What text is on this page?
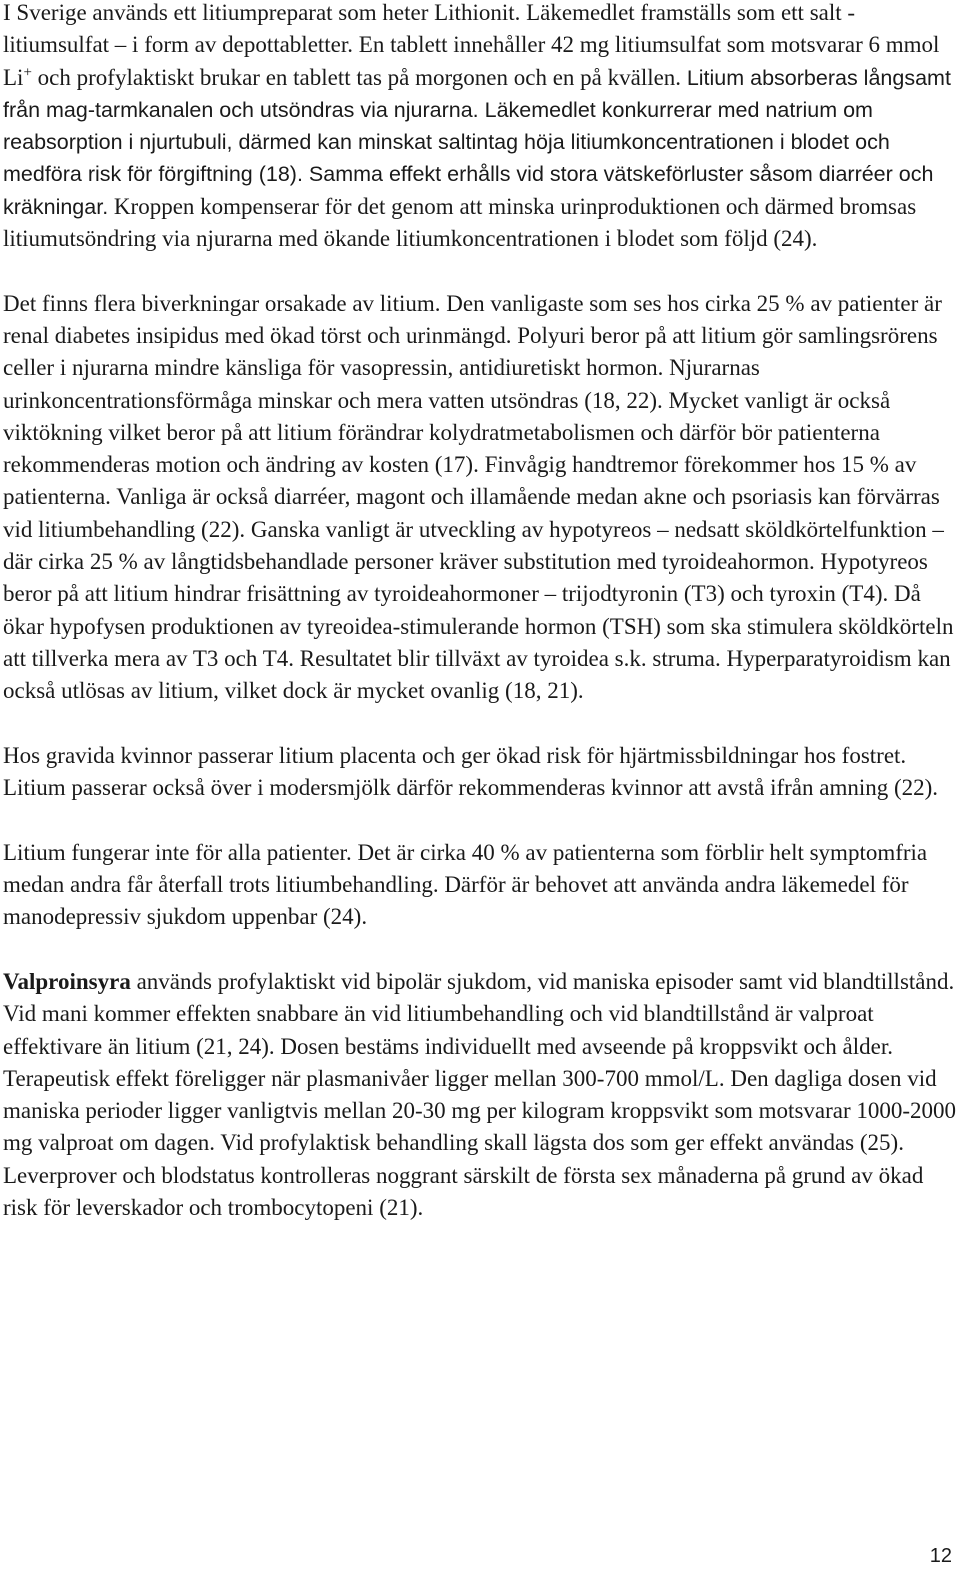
I Sverige används ett litiumpreparat som heter Lithionit. Läkemedlet framställs som ett salt - litiumsulfat – i form av depottabletter. En tablett innehåller 42 mg litiumsulfat som motsvarar 6 mmol Li+ och profylaktiskt brukar en tablett tas på morgonen och en på kvällen. Litium absorberas långsamt från mag-tarmkanalen och utsöndras via njurarna. Läkemedlet konkurrerar med natrium om reabsorption i njurtubuli, därmed kan minskat saltintag höja litiumkoncentrationen i blodet och medföra risk för förgiftning (18). Samma effekt erhålls vid stora vätskeförluster såsom diarréer och kräkningar. Kroppen kompenserar för det genom att minska urinproduktionen och därmed bromsas litiumutsöndring via njurarna med ökande litiumkoncentrationen i blodet som följd (24).

Det finns flera biverkningar orsakade av litium. Den vanligaste som ses hos cirka 25 % av patienter är renal diabetes insipidus med ökad törst och urinmängd. Polyuri beror på att litium gör samlingsrörens celler i njurarna mindre känsliga för vasopressin, antidiuretiskt hormon. Njurarnas urinkoncentrationsförmåga minskar och mera vatten utsöndras (18, 22). Mycket vanligt är också viktökning vilket beror på att litium förändrar kolydratmetabolismen och därför bör patienterna rekommenderas motion och ändring av kosten (17). Finvågig handtremor förekommer hos 15 % av patienterna. Vanliga är också diarréer, magont och illamående medan akne och psoriasis kan förvärras vid litiumbehandling (22). Ganska vanligt är utveckling av hypotyreos – nedsatt sköldkörtelfunktion – där cirka 25 % av långtidsbehandlade personer kräver substitution med tyroideahormon. Hypotyreos beror på att litium hindrar frisättning av tyroideahormoner – trijodtyronin (T3) och tyroxin (T4). Då ökar hypofysen produktionen av tyreoidea-stimulerande hormon (TSH) som ska stimulera sköldkörteln att tillverka mera av T3 och T4. Resultatet blir tillväxt av tyroidea s.k. struma. Hyperparatyroidism kan också utlösas av litium, vilket dock är mycket ovanlig (18, 21).

Hos gravida kvinnor passerar litium placenta och ger ökad risk för hjärtmissbildningar hos fostret. Litium passerar också över i modersmjölk därför rekommenderas kvinnor att avstå ifrån amning (22).

Litium fungerar inte för alla patienter. Det är cirka 40 % av patienterna som förblir helt symptomfria medan andra får återfall trots litiumbehandling. Därför är behovet att använda andra läkemedel för manodepressiv sjukdom uppenbar (24).

Valproinsyra används profylaktiskt vid bipolär sjukdom, vid maniska episoder samt vid blandtillstånd. Vid mani kommer effekten snabbare än vid litiumbehandling och vid blandtillstånd är valproat effektivare än litium (21, 24). Dosen bestäms individuellt med avseende på kroppsvikt och ålder. Terapeutisk effekt föreligger när plasmanivåer ligger mellan 300-700 mmol/L. Den dagliga dosen vid maniska perioder ligger vanligtvis mellan 20-30 mg per kilogram kroppsvikt som motsvarar 1000-2000 mg valproat om dagen. Vid profylaktisk behandling skall lägsta dos som ger effekt användas (25). Leverprover och blodstatus kontrolleras noggrant särskilt de första sex månaderna på grund av ökad risk för leverskador och trombocytopeni (21).

12
